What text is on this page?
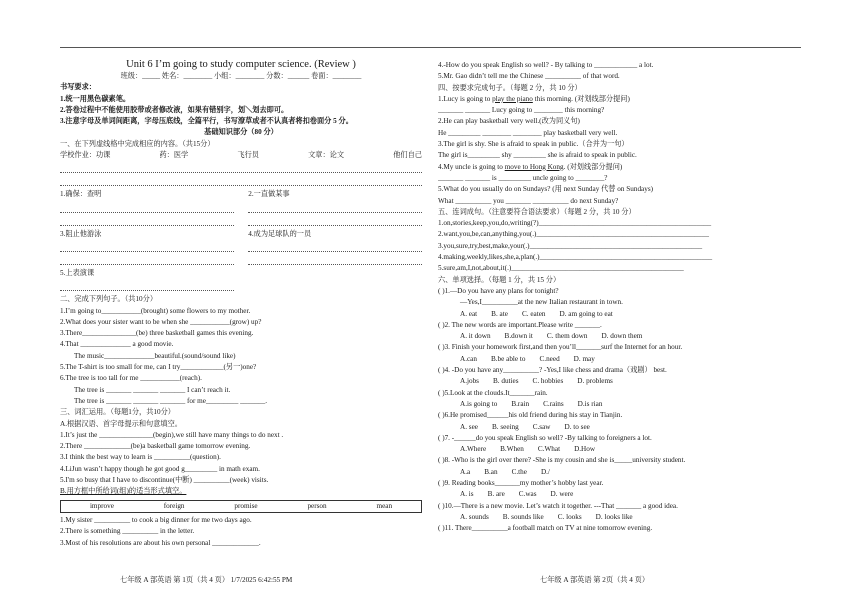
Unit 6 I’m going to study computer science. (Review )
班级：_____ 姓名：________ 小组：________ 分数：______ 卷面：________
书写要求：
1.统一用黑色碳素笔。
2.答卷过程中不能使用胶带或者修改液，如果有错别字，划＼划去即可。
3.注意字母及单词间距离，字母压底线，全篇平行，书写潦草或者不认真者将扣卷面分 5 分。
基础知识部分（80 分）
一、在下列虚线格中完成相应的内容。（共15分）
学校作业：功课	药：医学	飞行员	文章：论文	他们自己
1.确保：查明	2.一直做某事
3.阻止他游泳	4.成为足球队的一员
5.上表演课
二、完成下列句子。（共10分）
1.I’m going to___________(brought) some flowers to my mother.
2.What does your sister want to be when she ___________(grow) up?
3.There_______________(be) three basketball games this evening.
4.That ______________ a good movie.
The music______________beautiful.(sound/sound like)
5.The T-shirt is too small for me, can I try____________(另一)one?
6.The tree is too tall for me ___________(reach).
The tree is _______ _______ _______ I can’t reach it.
The tree is _______ _______ _______ for me_________ _______.
三、词汇运用。（每题1分，共10分）
A.根据汉语、首字母提示和句意填空。
1.It’s just the _______________(begin),we still have many things to do next .
2.There _____________(be)a basketball game tomorrow evening.
3.I think the best way to learn is __________(question).
4.LiJun wasn’t happy though he got good g_________ in math exam.
5.I'm so busy that I have to discontinue(中断) __________(week) visits.
B.用方框中所给词(组)的适当形式填空。
improve	foreign	promise	person	mean
1.My sister __________ to cook a big dinner for me two days ago.
2.There is something __________ in the letter.
3.Most of his resolutions are about his own personal _____________.
4.-How do you speak English so well? - By talking to ____________ a lot.
5.Mr. Gao didn’t tell me the Chinese __________ of that word.
四、按要求完成句子。（每题 2 分，共 10 分）
1.Lucy is going to play the piano this morning. (对划线部分提问)
_______ _______ Lucy going to ________ this morning?
2.He can play basketball very well.(改为同义句)
He _________ ________ ________ play basketball very well.
3.The girl is shy. She is afraid to speak in public.（合并为一句）
The girl is_________ shy _________ she is afraid to speak in public.
4.My uncle is going to move to Hong Kong. (对划线部分提问)
_______ _______ is _________ uncle going to ________?
5.What do you usually do on Sundays? (用 next Sunday 代替 on Sundays)
What __________ you _______ __________ do next Sunday?
五、连词成句。（注意要符合语法要求）（每题 2 分，共 10 分）
1.on,stories,keep,you,do,writing(?)________________________________________________
2.want,you,be,can,anything,you(.)________________________________________________
3.you,sure,try,best,make,your(.)________________________________________________
4.making,weekly,likes,she,a,plan(.)________________________________________________
5.sure,am,I,not,about,it(.)________________________________________________
六、单项选择。（每题 1 分，共 15 分）
( )1.—Do you have any plans for tonight?
—Yes,I__________at the new Italian restaurant in town.
A. eat B. ate C. eaten D. am going to eat
( )2. The new words are important.Please write _______.
A. it down B.down it C. them down D. down them
( )3. Finish your homework first,and then you’ll_______surf the Internet for an hour.
A.can B.be able to C.need D. may
( )4. -Do you have any__________? -Yes,I like chess and drama（戏剧） best.
A.jobs B. duties C. hobbies D. problems
( )5.Look at the clouds.It_______rain.
A.is going to B.rain C.rains D.is rian
( )6.He promised______his old friend during his stay in Tianjin.
A. see B. seeing C.saw D. to see
( )7. -______do you speak English so well? -By talking to foreigners a lot.
A.Where B.When C.What D.How
( )8. -Who is the girl over there? -She is my cousin and she is_____university student.
A.a B.an C.the D./
( )9. Reading books_______my mother’s hobby last year.
A. is B. are C.was D. were
( )10.—There is a new movie. Let’s watch it together. ---That _______ a good idea.
A. sounds B. sounds like C. looks D. looks like
( )11. There__________a football match on TV at nine tomorrow evening.
七年级 A 部英语 第 1页（共 4 页） 1/7/2025 6:42:55 PM	七年级 A 部英语 第 2页（共 4 页）
